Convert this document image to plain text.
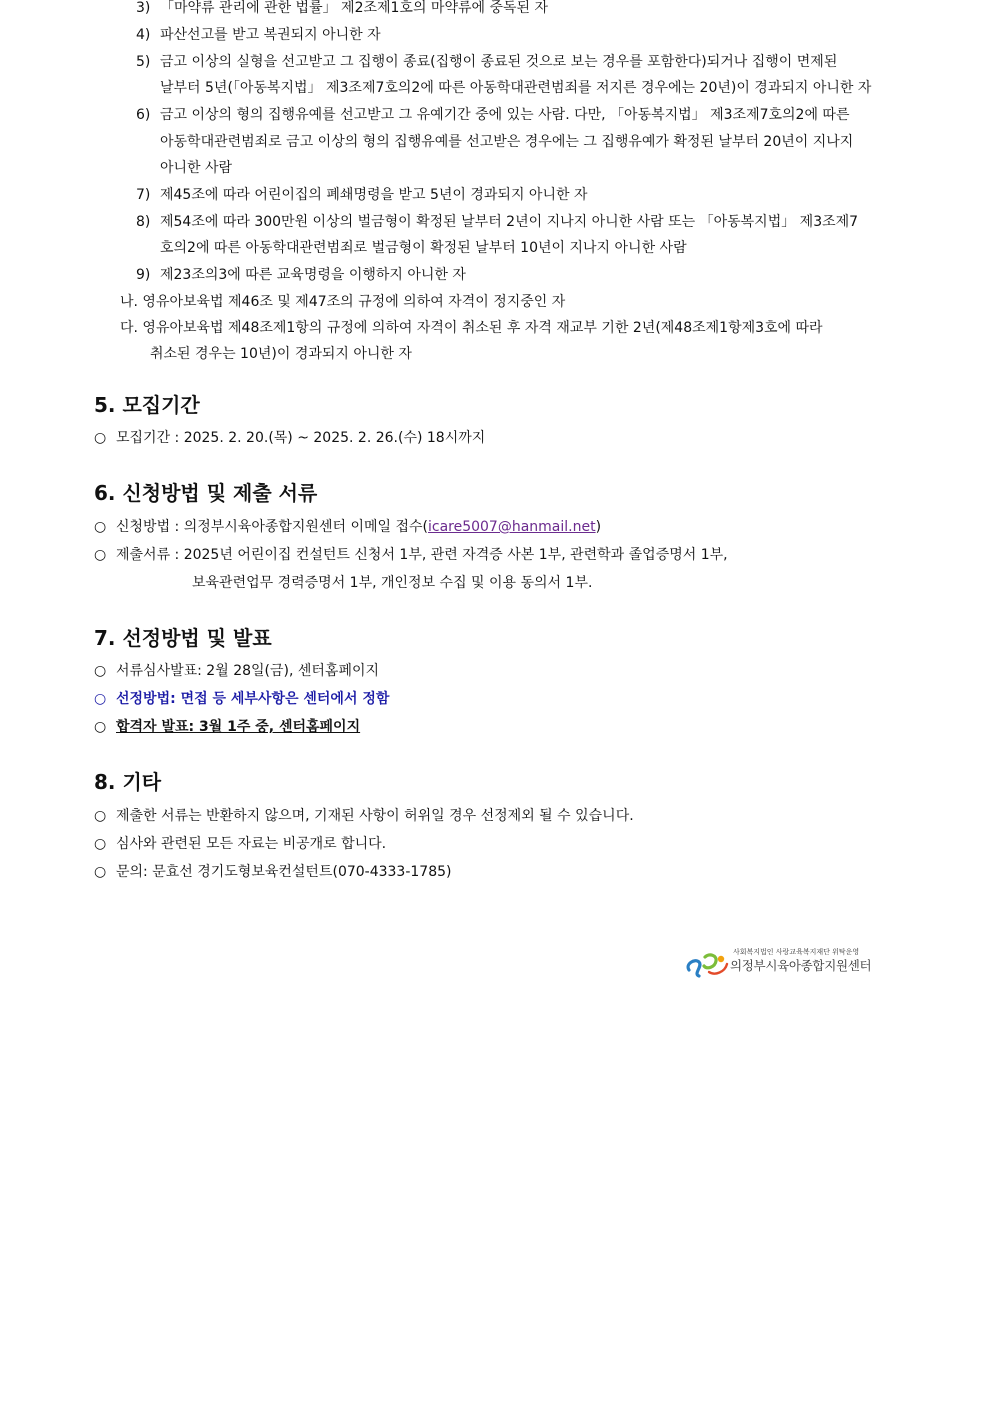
3) 「마약류 관리에 관한 법률」 제2조제1호의 마약류에 중독된 자
4) 파산선고를 받고 복권되지 아니한 자
5) 금고 이상의 실형을 선고받고 그 집행이 종료(집행이 종료된 것으로 보는 경우를 포함한다)되거나 집행이 면제된
날부터 5년(「아동복지법」 제3조제7호의2에 따른 아동학대관련범죄를 저지른 경우에는 20년)이 경과되지 아니한 자
6) 금고 이상의 형의 집행유예를 선고받고 그 유예기간 중에 있는 사람. 다만, 「아동복지법」 제3조제7호의2에 따른
아동학대관련범죄로 금고 이상의 형의 집행유예를 선고받은 경우에는 그 집행유예가 확정된 날부터 20년이 지나지
아니한 사람
7) 제45조에 따라 어린이집의 폐쇄명령을 받고 5년이 경과되지 아니한 자
8) 제54조에 따라 300만원 이상의 벌금형이 확정된 날부터 2년이 지나지 아니한 사람 또는 「아동복지법」 제3조제7
호의2에 따른 아동학대관련범죄로 벌금형이 확정된 날부터 10년이 지나지 아니한 사람
9) 제23조의3에 따른 교육명령을 이행하지 아니한 자
나. 영유아보육법 제46조 및 제47조의 규정에 의하여 자격이 정지중인 자
다. 영유아보육법 제48조제1항의 규정에 의하여 자격이 취소된 후 자격 재교부 기한 2년(제48조제1항제3호에 따라
취소된 경우는 10년)이 경과되지 아니한 자
5. 모집기간
○ 모집기간 : 2025. 2. 20.(목) ~ 2025. 2. 26.(수) 18시까지
6. 신청방법 및 제출 서류
○ 신청방법 : 의정부시육아종합지원센터 이메일 접수(icare5007@hanmail.net)
○ 제출서류 : 2025년 어린이집 컨설턴트 신청서 1부, 관련 자격증 사본 1부, 관련학과 졸업증명서 1부,
보육관련업무 경력증명서 1부, 개인정보 수집 및 이용 동의서 1부.
7. 선정방법 및 발표
○ 서류심사발표: 2월 28일(금), 센터홈페이지
○ 선정방법: 면접 등 세부사항은 센터에서 정함
○ 합격자 발표: 3월 1주 중, 센터홈페이지
8. 기타
○ 제출한 서류는 반환하지 않으며, 기재된 사항이 허위일 경우 선정제외 될 수 있습니다.
○ 심사와 관련된 모든 자료는 비공개로 합니다.
○ 문의: 문효선 경기도형보육컨설턴트(070-4333-1785)
사회복지법인 사랑교육복지재단 위탁운영
의정부시육아종합지원센터
